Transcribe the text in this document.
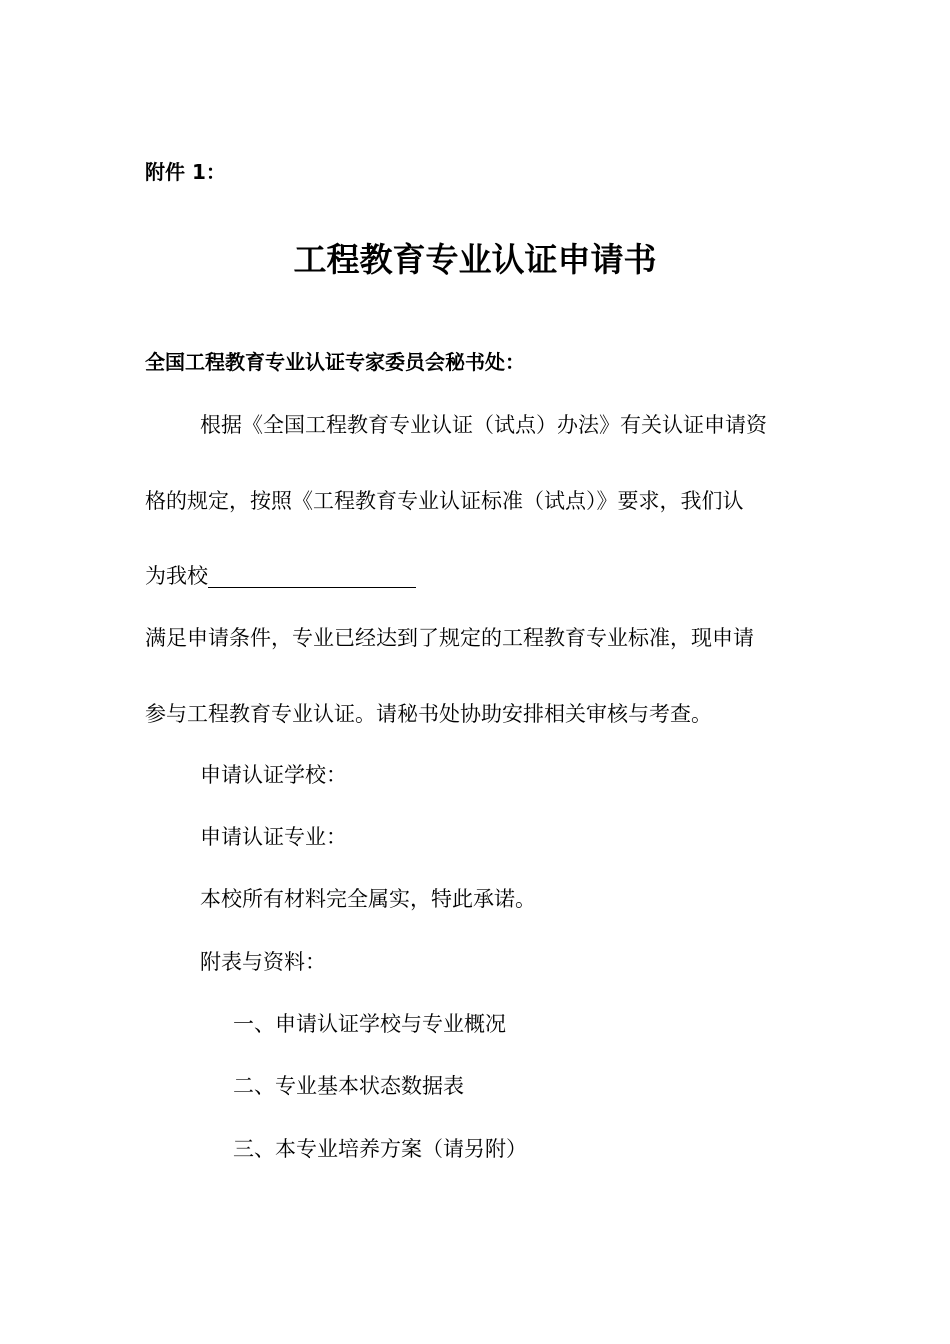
附件 1：
工程教育专业认证申请书
全国工程教育专业认证专家委员会秘书处：
根据《全国工程教育专业认证（试点）办法》有关认证申请资
格的规定，按照《工程教育专业认证标准（试点）》要求，我们认
为我校
满足申请条件，专业已经达到了规定的工程教育专业标准，现申请
参与工程教育专业认证。请秘书处协助安排相关审核与考查。
申请认证学校：
申请认证专业：
本校所有材料完全属实，特此承诺。
附表与资料：
一、申请认证学校与专业概况
二、专业基本状态数据表
三、本专业培养方案（请另附）
